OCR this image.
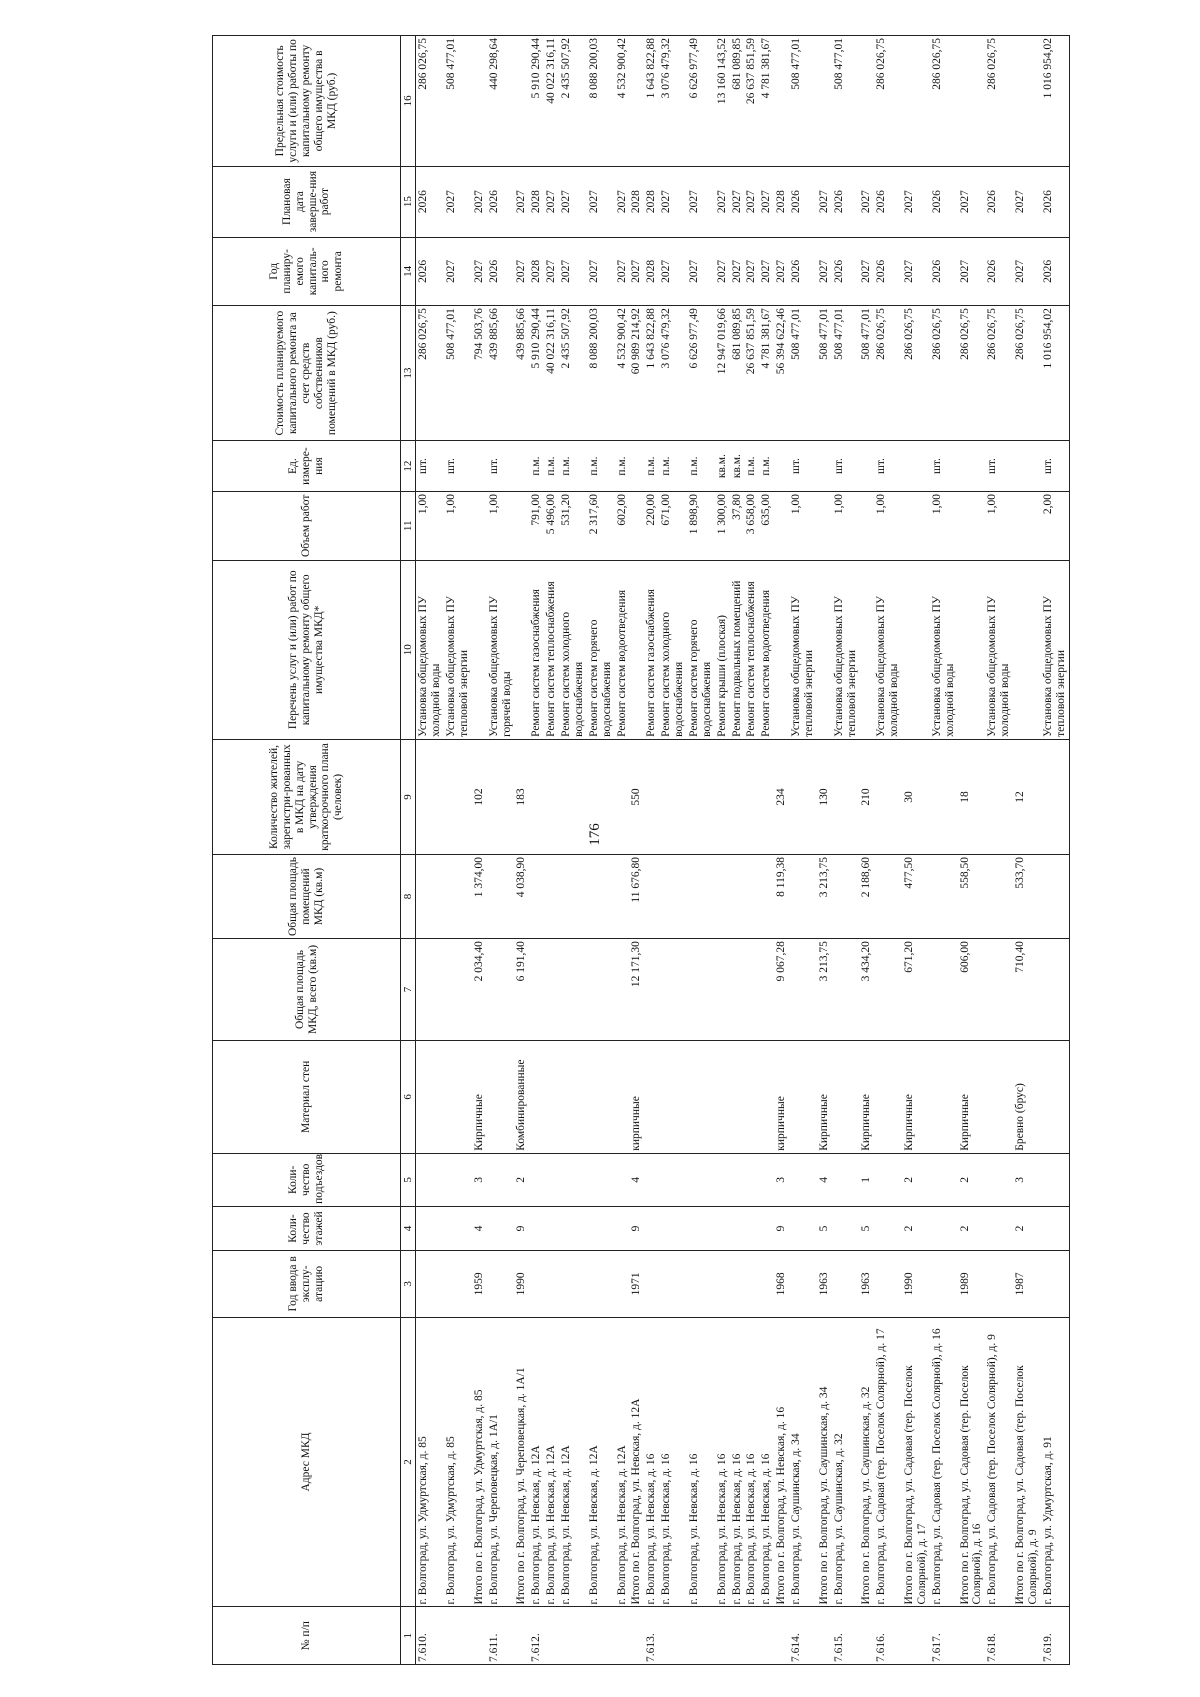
176
№ п/п	Адрес МКД	Год ввода в эксплу-атацию	Коли-чество этажей	Коли-чество подъездов	Материал стен	Общая площадь МКД, всего (кв.м)	Общая площадь помещений МКД (кв.м)	Количество жителей, зарегистри-рованных в МКД на дату утверждения краткосрочного плана (человек)	Перечень услуг и (или) работ по капитальному ремонту общего имущества МКД*	Объем работ	Ед. измере-ния	Стоимость планируемого капитального ремонта за счет средств собственников помещений в МКД (руб.)	Год планиру-емого капиталь-ного ремонта	Плановая дата заверше-ния работ	Предельная стоимость услуги и (или) работы по капитальному ремонту общего имущества в МКД (руб.)
1	2	3	4	5	6	7	8	9	10	11	12	13	14	15	16
7.610.	г. Волгоград, ул. Удмуртская, д. 85								Установка общедомовых ПУ холодной воды	1,00	шт.	286 026,75	2026	2026	286 026,75
	г. Волгоград, ул. Удмуртская, д. 85								Установка общедомовых ПУ тепловой энергии	1,00	шт.	508 477,01	2027	2027	508 477,01
	Итого по г. Волгоград, ул. Удмуртская, д. 85	1959	4	3	Кирпичные	2 034,40	1 374,00	102				794 503,76	2027	2027	
7.611.	г. Волгоград, ул. Череповецкая, д. 1А/1								Установка общедомовых ПУ горячей воды	1,00	шт.	439 885,66	2026	2026	440 298,64
	Итого по г. Волгоград, ул. Череповецкая, д. 1А/1	1990	9	2	Комбинированные	6 191,40	4 038,90	183				439 885,66	2027	2027	
7.612.	г. Волгоград, ул. Невская, д. 12А								Ремонт систем газоснабжения	791,00	п.м.	5 910 290,44	2028	2028	5 910 290,44
	г. Волгоград, ул. Невская, д. 12А								Ремонт систем теплоснабжения	5 496,00	п.м.	40 022 316,11	2027	2027	40 022 316,11
	г. Волгоград, ул. Невская, д. 12А								Ремонт систем холодного водоснабжения	531,20	п.м.	2 435 507,92	2027	2027	2 435 507,92
	г. Волгоград, ул. Невская, д. 12А								Ремонт систем горячего водоснабжения	2 317,60	п.м.	8 088 200,03	2027	2027	8 088 200,03
	г. Волгоград, ул. Невская, д. 12А								Ремонт систем водоотведения	602,00	п.м.	4 532 900,42	2027	2027	4 532 900,42
	Итого по г. Волгоград, ул. Невская, д. 12А	1971	9	4	кирпичные	12 171,30	11 676,80	550				60 989 214,92	2027	2028	
7.613.	г. Волгоград, ул. Невская, д. 16								Ремонт систем газоснабжения	220,00	п.м.	1 643 822,88	2028	2028	1 643 822,88
	г. Волгоград, ул. Невская, д. 16								Ремонт систем холодного водоснабжения	671,00	п.м.	3 076 479,32	2027	2027	3 076 479,32
	г. Волгоград, ул. Невская, д. 16								Ремонт систем горячего водоснабжения	1 898,90	п.м.	6 626 977,49	2027	2027	6 626 977,49
	г. Волгоград, ул. Невская, д. 16								Ремонт крыши (плоская)	1 300,00	кв.м.	12 947 019,66	2027	2027	13 160 143,52
	г. Волгоград, ул. Невская, д. 16								Ремонт подвальных помещений	37,80	кв.м.	681 089,85	2027	2027	681 089,85
	г. Волгоград, ул. Невская, д. 16								Ремонт систем теплоснабжения	3 658,00	п.м.	26 637 851,59	2027	2027	26 637 851,59
	г. Волгоград, ул. Невская, д. 16								Ремонт систем водоотведения	635,00	п.м.	4 781 381,67	2027	2027	4 781 381,67
	Итого по г. Волгоград, ул. Невская, д. 16	1968	9	3	кирпичные	9 067,28	8 119,38	234				56 394 622,46	2027	2028	
7.614.	г. Волгоград, ул. Саушинская, д. 34								Установка общедомовых ПУ тепловой энергии	1,00	шт.	508 477,01	2026	2026	508 477,01
	Итого по г. Волгоград, ул. Саушинская, д. 34	1963	5	4	Кирпичные	3 213,75	3 213,75	130				508 477,01	2027	2027	
7.615.	г. Волгоград, ул. Саушинская, д. 32								Установка общедомовых ПУ тепловой энергии	1,00	шт.	508 477,01	2026	2026	508 477,01
	Итого по г. Волгоград, ул. Саушинская, д. 32	1963	5	1	Кирпичные	3 434,20	2 188,60	210				508 477,01	2027	2027	
7.616.	г. Волгоград, ул. Садовая (тер. Поселок Солярной), д. 17								Установка общедомовых ПУ холодной воды	1,00	шт.	286 026,75	2026	2026	286 026,75
	Итого по г. Волгоград, ул. Садовая (тер. Поселок Солярной), д. 17	1990	2	2	Кирпичные	671,20	477,50	30				286 026,75	2027	2027	
7.617.	г. Волгоград, ул. Садовая (тер. Поселок Солярной), д. 16								Установка общедомовых ПУ холодной воды	1,00	шт.	286 026,75	2026	2026	286 026,75
	Итого по г. Волгоград, ул. Садовая (тер. Поселок Солярной), д. 16	1989	2	2	Кирпичные	606,00	558,50	18				286 026,75	2027	2027	
7.618.	г. Волгоград, ул. Садовая (тер. Поселок Солярной), д. 9								Установка общедомовых ПУ холодной воды	1,00	шт.	286 026,75	2026	2026	286 026,75
	Итого по г. Волгоград, ул. Садовая (тер. Поселок Солярной), д. 9	1987	2	3	Бревно (брус)	710,40	533,70	12				286 026,75	2027	2027	
7.619.	г. Волгоград, ул. Удмуртская, д. 91								Установка общедомовых ПУ тепловой энергии	2,00	шт.	1 016 954,02	2026	2026	1 016 954,02
